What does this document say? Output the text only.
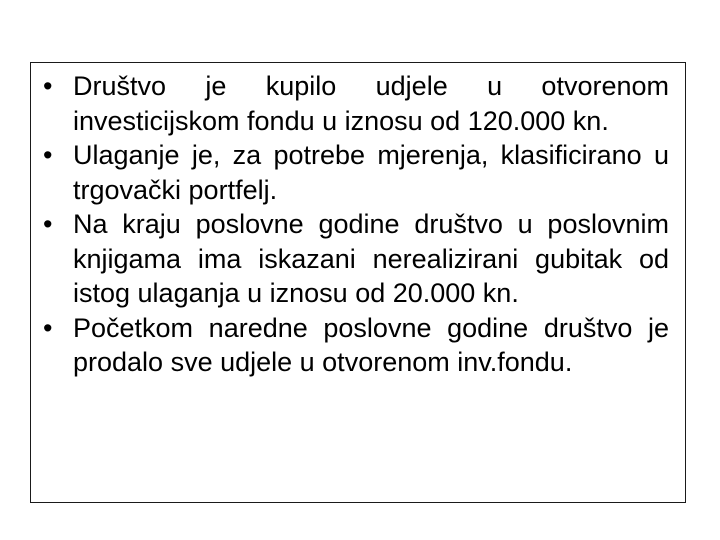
• Društvo je kupilo udjele u otvorenom investicijskom fondu u iznosu od 120.000 kn.
• Ulaganje je, za potrebe mjerenja, klasificirano u trgovački portfelj.
• Na kraju poslovne godine društvo u poslovnim knjigama ima iskazani nerealizirani gubitak od istog ulaganja u iznosu od 20.000 kn.
• Početkom naredne poslovne godine društvo je prodalo sve udjele u otvorenom inv.fondu.
